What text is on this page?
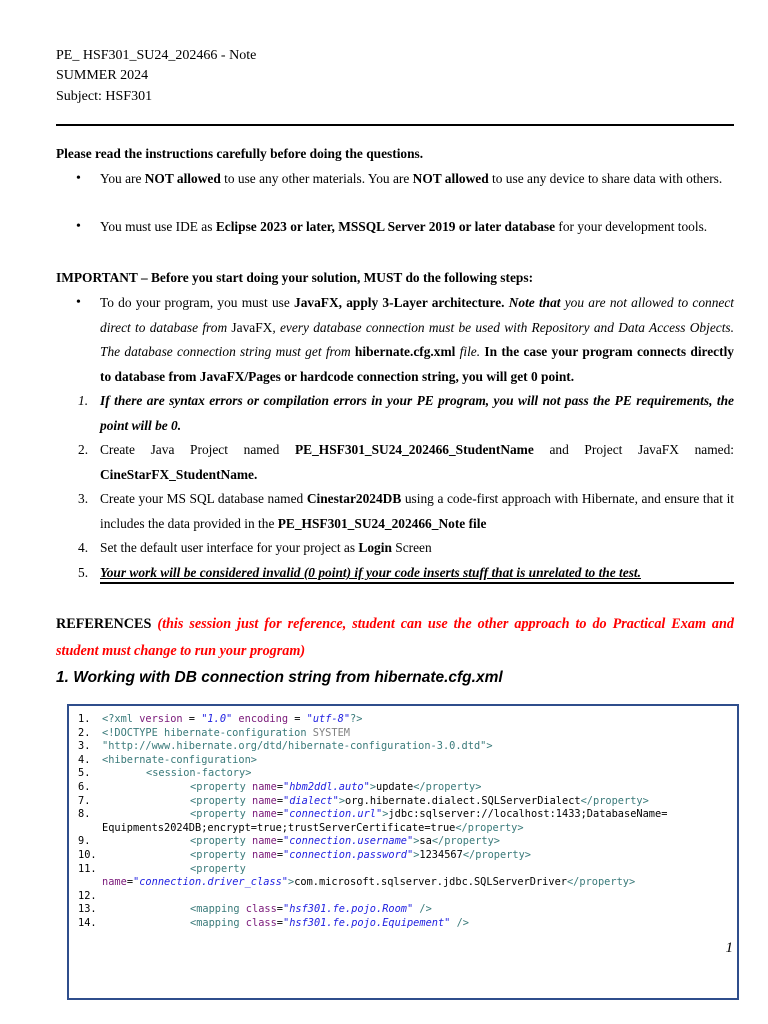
PE_ HSF301_SU24_202466 - Note
SUMMER 2024
Subject: HSF301
Please read the instructions carefully before doing the questions.
• You are NOT allowed to use any other materials. You are NOT allowed to use any device to share data with others.
• You must use IDE as Eclipse 2023 or later, MSSQL Server 2019 or later database for your development tools.
IMPORTANT – Before you start doing your solution, MUST do the following steps:
• To do your program, you must use JavaFX, apply 3-Layer architecture. Note that you are not allowed to connect direct to database from JavaFX, every database connection must be used with Repository and Data Access Objects. The database connection string must get from hibernate.cfg.xml file. In the case your program connects directly to database from JavaFX/Pages or hardcode connection string, you will get 0 point.
1. If there are syntax errors or compilation errors in your PE program, you will not pass the PE requirements, the point will be 0.
2. Create Java Project named PE_HSF301_SU24_202466_StudentName and Project JavaFX named: CineStarFX_StudentName.
3. Create your MS SQL database named Cinestar2024DB using a code-first approach with Hibernate, and ensure that it includes the data provided in the PE_HSF301_SU24_202466_Note file
4. Set the default user interface for your project as Login Screen
5. Your work will be considered invalid (0 point) if your code inserts stuff that is unrelated to the test.
REFERENCES (this session just for reference, student can use the other approach to do Practical Exam and student must change to run your program)
1. Working with DB connection string from hibernate.cfg.xml
1. <?xml version = "1.0" encoding = "utf-8"?>
2. <!DOCTYPE hibernate-configuration SYSTEM
3. "http://www.hibernate.org/dtd/hibernate-configuration-3.0.dtd">
4. <hibernate-configuration>
5.	<session-factory>
6.	<property name="hbm2ddl.auto">update</property>
7.	<property name="dialect">org.hibernate.dialect.SQLServerDialect</property>
8.	<property name="connection.url">jdbc:sqlserver://localhost:1433;DatabaseName=
Equipments2024DB;encrypt=true;trustServerCertificate=true</property>
9.	<property name="connection.username">sa</property>
10.	<property name="connection.password">1234567</property>
11.	<property
name="connection.driver_class">com.microsoft.sqlserver.jdbc.SQLServerDriver</property>
12.
13.	<mapping class="hsf301.fe.pojo.Room" />
14.	<mapping class="hsf301.fe.pojo.Equipement" />
1
